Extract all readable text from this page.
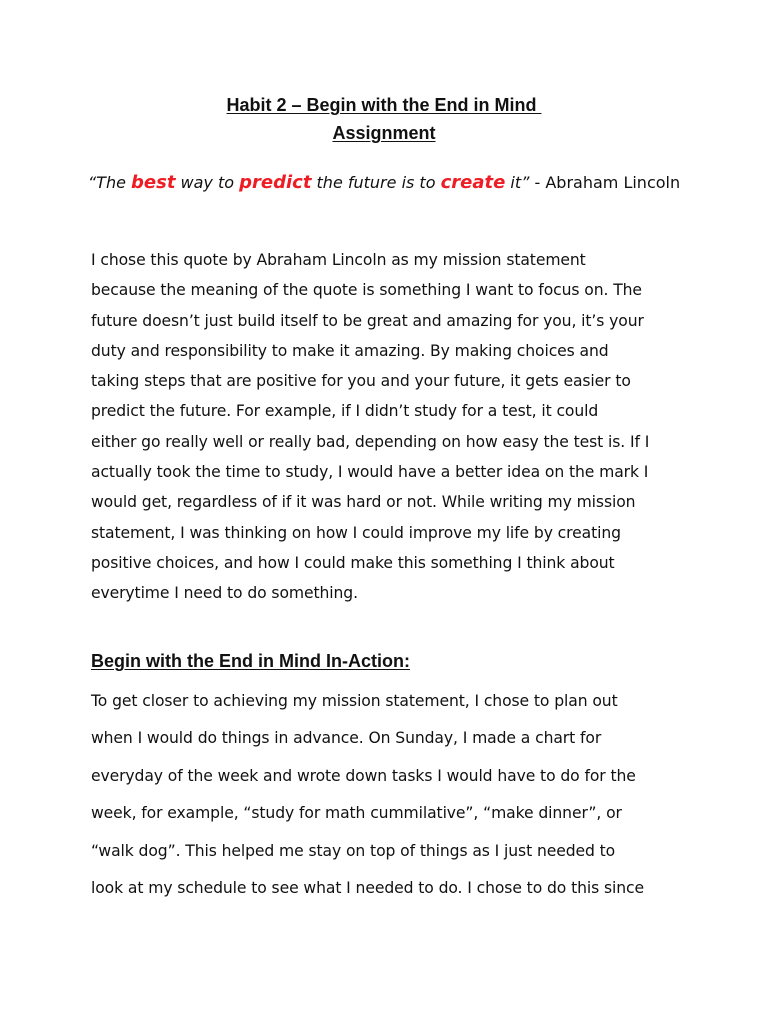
Habit 2 – Begin with the End in Mind
Assignment
“The best way to predict the future is to create it” - Abraham Lincoln
I chose this quote by Abraham Lincoln as my mission statement
because the meaning of the quote is something I want to focus on. The
future doesn’t just build itself to be great and amazing for you, it’s your
duty and responsibility to make it amazing. By making choices and
taking steps that are positive for you and your future, it gets easier to
predict the future. For example, if I didn’t study for a test, it could
either go really well or really bad, depending on how easy the test is. If I
actually took the time to study, I would have a better idea on the mark I
would get, regardless of if it was hard or not. While writing my mission
statement, I was thinking on how I could improve my life by creating
positive choices, and how I could make this something I think about
everytime I need to do something.
Begin with the End in Mind In-Action:
To get closer to achieving my mission statement, I chose to plan out
when I would do things in advance. On Sunday, I made a chart for
everyday of the week and wrote down tasks I would have to do for the
week, for example, “study for math cummilative”, “make dinner”, or
“walk dog”. This helped me stay on top of things as I just needed to
look at my schedule to see what I needed to do. I chose to do this since
